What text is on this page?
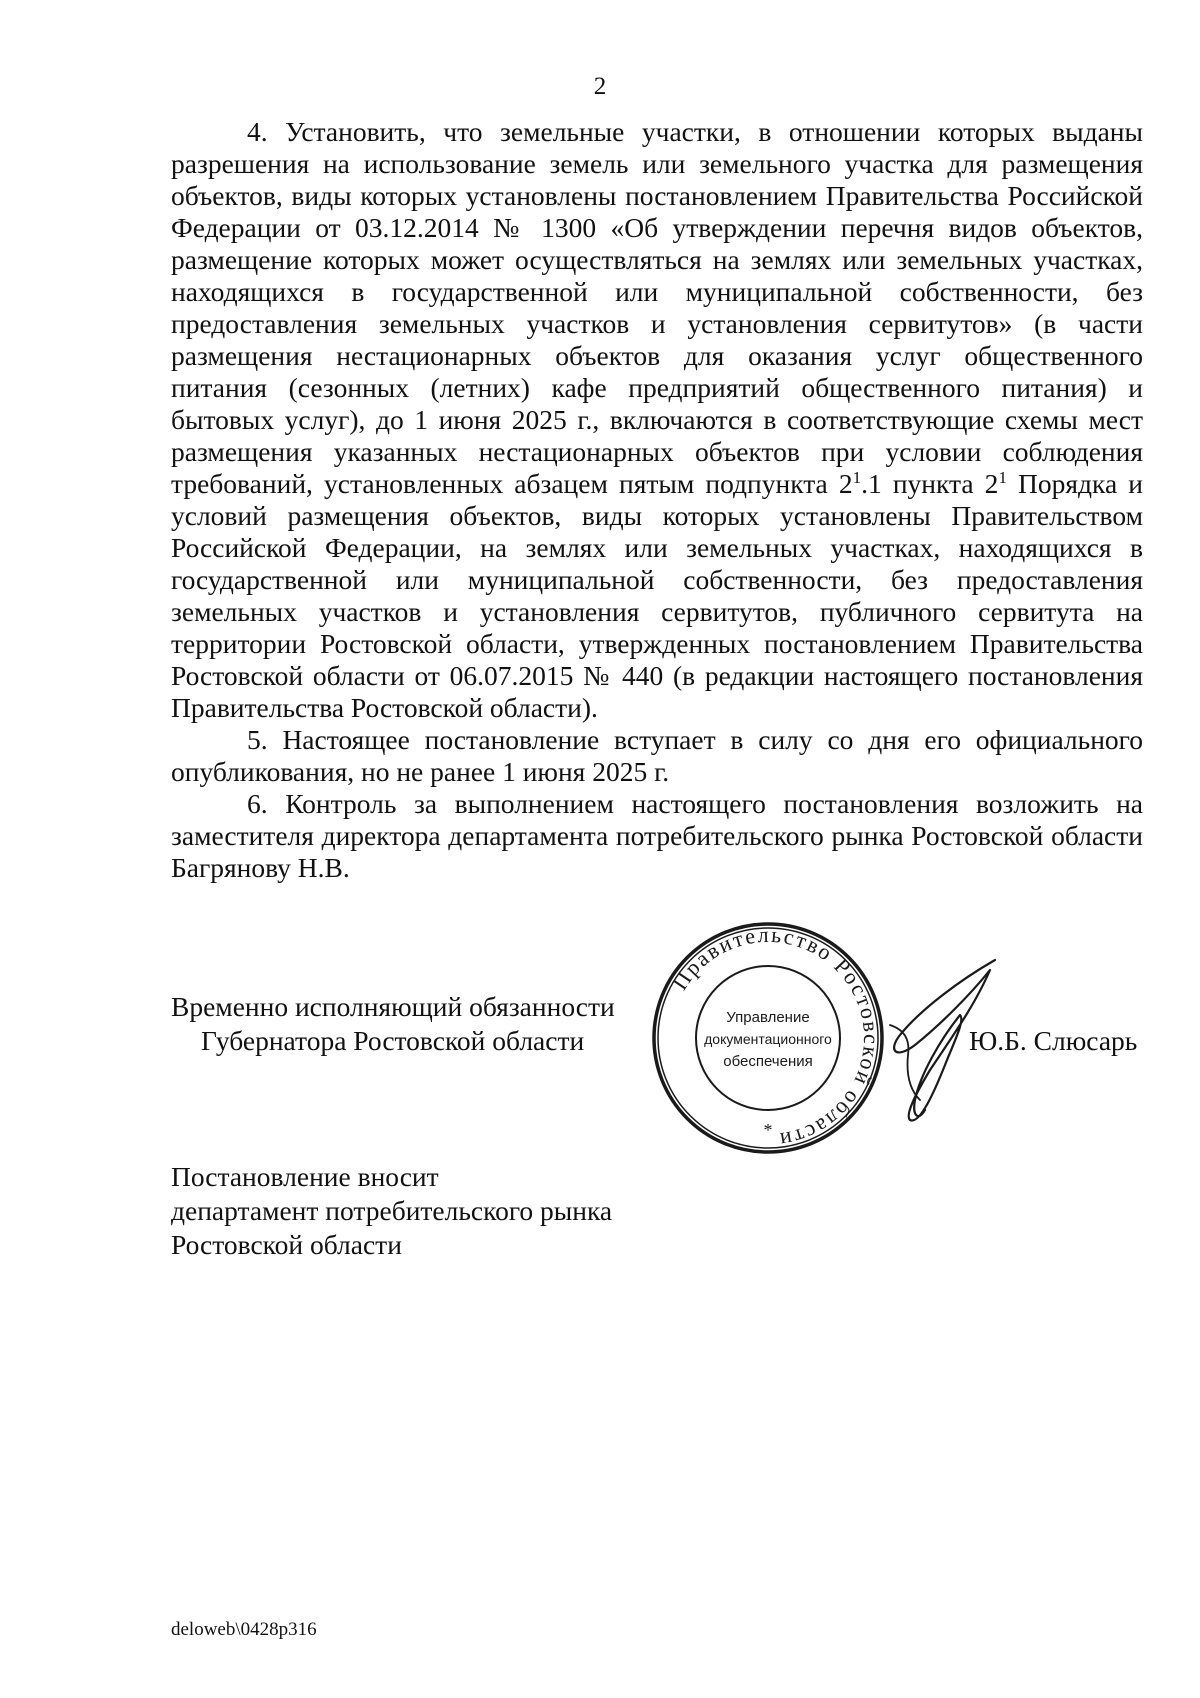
2

4. Установить, что земельные участки, в отношении которых выданы разрешения на использование земель или земельного участка для размещения объектов, виды которых установлены постановлением Правительства Российской Федерации от 03.12.2014 № 1300 «Об утверждении перечня видов объектов, размещение которых может осуществляться на землях или земельных участках, находящихся в государственной или муниципальной собственности, без предоставления земельных участков и установления сервитутов» (в части размещения нестационарных объектов для оказания услуг общественного питания (сезонных (летних) кафе предприятий общественного питания) и бытовых услуг), до 1 июня 2025 г., включаются в соответствующие схемы мест размещения указанных нестационарных объектов при условии соблюдения требований, установленных абзацем пятым подпункта $2^1.1$ пункта $2^1$ Порядка и условий размещения объектов, виды которых установлены Правительством Российской Федерации, на землях или земельных участках, находящихся в государственной или муниципальной собственности, без предоставления земельных участков и установления сервитутов, публичного сервитута на территории Ростовской области, утвержденных постановлением Правительства Ростовской области от 06.07.2015 № 440 (в редакции настоящего постановления Правительства Ростовской области).

5. Настоящее постановление вступает в силу со дня его официального опубликования, но не ранее 1 июня 2025 г.

6. Контроль за выполнением настоящего постановления возложить на заместителя директора департамента потребительского рынка Ростовской области Багрянову Н.В.

Временно исполняющий обязанности
Губернатора Ростовской области
Правительство Ростовской области
Управление
документационного
обеспечения
*
Ю.Б. Слюсарь
Постановление вносит
департамент потребительского рынка
Ростовской области
deloweb\0428p316
